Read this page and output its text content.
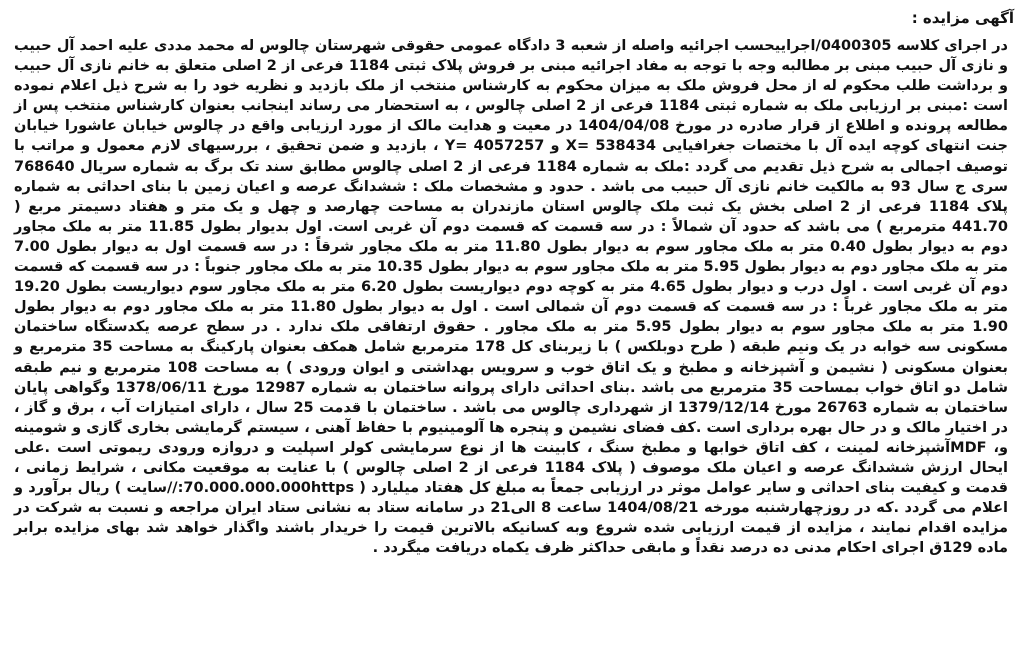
آگهی مزایده :

در اجرای کلاسه 0400305/اجراییحسب اجرائیه واصله از شعبه 3 دادگاه عمومی حقوقی شهرستان چالوس له محمد مددی علیه احمد آل حبیب و نازی آل حبیب مبنی بر مطالبه وجه با توجه به مفاد اجرائیه مبنی بر فروش پلاک ثبتی 1184 فرعی از 2 اصلی متعلق به خانم نازی آل حبیب و برداشت طلب محکوم له از محل فروش ملک به میزان محکوم به کارشناس منتخب از ملک بازدید و نظریه خود را به شرح ذیل اعلام نموده است :مبنی بر ارزیابی ملک به شماره ثبتی 1184 فرعی از 2 اصلی چالوس ، به استحضار می رساند اینجانب بعنوان کارشناس منتخب پس از مطالعه پرونده و اطلاع از قرار صادره در مورخ 1404/04/08 در معیت و هدایت مالک از مورد ارزیابی واقع در چالوس خیابان عاشورا خیابان جنت انتهای کوچه ایده آل با مختصات جغرافیایی 538434 =X و 4057257 =Y ، بازدید و ضمن تحقیق ، بررسیهای لازم معمول و مراتب با توصیف اجمالی به شرح ذیل تقدیم می گردد :ملک به شماره 1184 فرعی از 2 اصلی چالوس مطابق سند تک برگ به شماره سریال 768640 سری ج سال 93 به مالکیت خانم نازی آل حبیب می باشد . حدود و مشخصات ملک : ششدانگ عرصه و اعیان زمین با بنای احداثی به شماره پلاک 1184 فرعی از 2 اصلی بخش یک ثبت ملک چالوس استان مازندران به مساحت چهارصد و چهل و یک متر و هفتاد دسیمتر مربع ( 441.70 مترمربع ) می باشد که حدود آن شمالاً : در سه قسمت که قسمت دوم آن غربی است. اول بدیوار بطول 11.85 متر به ملک مجاور دوم به دیوار بطول 0.40 متر به ملک مجاور سوم به دیوار بطول 11.80 متر به ملک مجاور شرقاً : در سه قسمت اول به دیوار بطول 7.00 متر به ملک مجاور دوم به دیوار بطول 5.95 متر به ملک مجاور سوم به دیوار بطول 10.35 متر به ملک مجاور جنوباً : در سه قسمت که قسمت دوم آن غربی است . اول درب و دیوار بطول 4.65 متر به کوچه دوم دیواریست بطول 6.20 متر به ملک مجاور سوم دیواریست بطول 19.20 متر به ملک مجاور غرباً : در سه قسمت که قسمت دوم آن شمالی است . اول به دیوار بطول 11.80 متر به ملک مجاور دوم به دیوار بطول 1.90 متر به ملک مجاور سوم به دیوار بطول 5.95 متر به ملک مجاور . حقوق ارتفاقی ملک ندارد . در سطح عرصه یکدستگاه ساختمان مسکونی سه خوابه در یک ونیم طبقه ( طرح دوبلکس ) با زیربنای کل 178 مترمربع شامل همکف بعنوان پارکینگ به مساحت 35 مترمربع و بعنوان مسکونی ( نشیمن و آشپزخانه و مطبخ و یک اتاق خوب و سرویس بهداشتی و ایوان ورودی ) به مساحت 108 مترمربع و نیم طبقه شامل دو اتاق خواب بمساحت 35 مترمربع می باشد .بنای احداثی دارای پروانه ساختمان به شماره 12987 مورخ 1378/06/11 وگواهی پایان ساختمان به شماره 26763 مورخ 1379/12/14 از شهرداری چالوس می باشد . ساختمان با قدمت 25 سال ، دارای امتیازات آب ، برق و گاز ، در اختیار مالک و در حال بهره برداری است .کف فضای نشیمن و پنجره ها آلومینیوم با حفاظ آهنی ، سیستم گرمایشی بخاری گازی و شومینه و، MDFآشپزخانه لمینت ، کف اتاق خوابها و مطبخ سنگ ، کابینت ها از نوع سرمایشی کولر اسپلیت و دروازه ورودی ریموتی است .علی ایحال ارزش ششدانگ عرصه و اعیان ملک موصوف ( پلاک 1184 فرعی از 2 اصلی چالوس ) با عنایت به موقعیت مکانی ، شرایط زمانی ، قدمت و کیفیت بنای احداثی و سایر عوامل موثر در ارزیابی جمعاً به مبلغ کل هفتاد میلیارد ( 70.000.000.000https://سایت ) ریال برآورد و اعلام می گردد .که در روزچهارشنبه مورخه 1404/08/21 ساعت 8 الی21 در سامانه ستاد به نشانی ستاد ایران مراجعه و نسبت به شرکت در مزایده اقدام نمایند ، مزایده از قیمت ارزیابی شده شروع وبه کسانیکه بالاترین قیمت را خریدار باشند واگذار خواهد شد بهای مزایده برابر ماده 129ق اجرای احکام مدنی ده درصد نقداً و مابقی حداکثر ظرف یکماه دریافت میگردد .
